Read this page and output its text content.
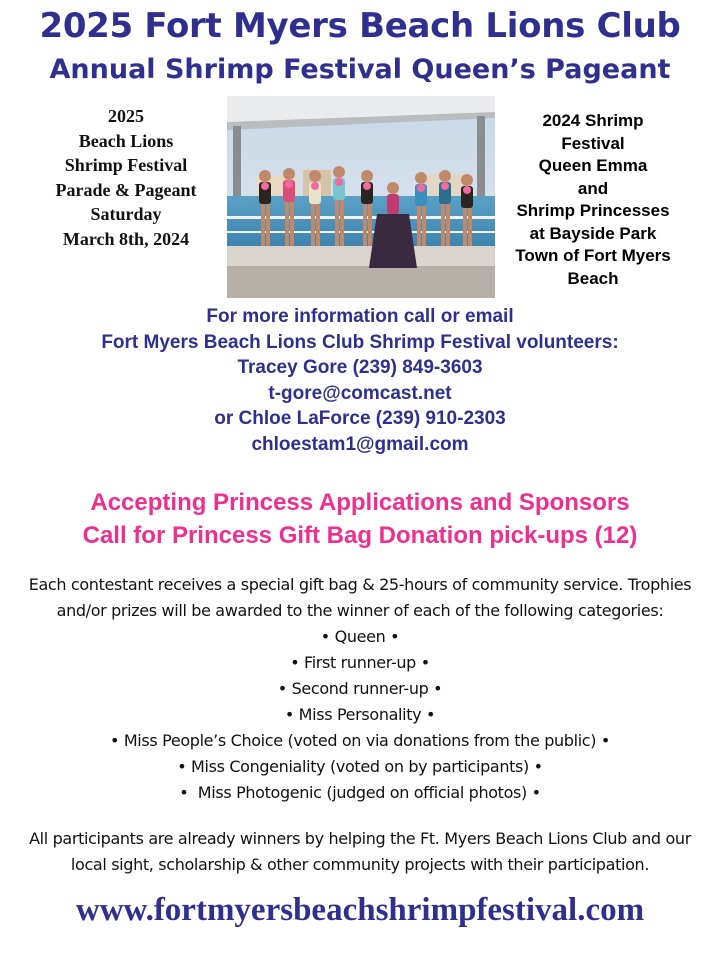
2025 Fort Myers Beach Lions Club
Annual Shrimp Festival Queen’s Pageant
2025
Beach Lions
Shrimp Festival
Parade & Pageant
Saturday
March 8th, 2024
2024 Shrimp
Festival
Queen Emma
and
Shrimp Princesses
at Bayside Park
Town of Fort Myers
Beach
For more information call or email
Fort Myers Beach Lions Club Shrimp Festival volunteers:
Tracey Gore (239) 849-3603
t-gore@comcast.net
or Chloe LaForce (239) 910-2303
chloestam1@gmail.com
Accepting Princess Applications and Sponsors
Call for Princess Gift Bag Donation pick-ups (12)
Each contestant receives a special gift bag & 25-hours of community service. Trophies
and/or prizes will be awarded to the winner of each of the following categories:
• Queen •
• First runner-up •
• Second runner-up •
• Miss Personality •
• Miss People’s Choice (voted on via donations from the public) •
• Miss Congeniality (voted on by participants) •
•  Miss Photogenic (judged on official photos) •
All participants are already winners by helping the Ft. Myers Beach Lions Club and our
local sight, scholarship & other community projects with their participation.
www.fortmyersbeachshrimpfestival.com
